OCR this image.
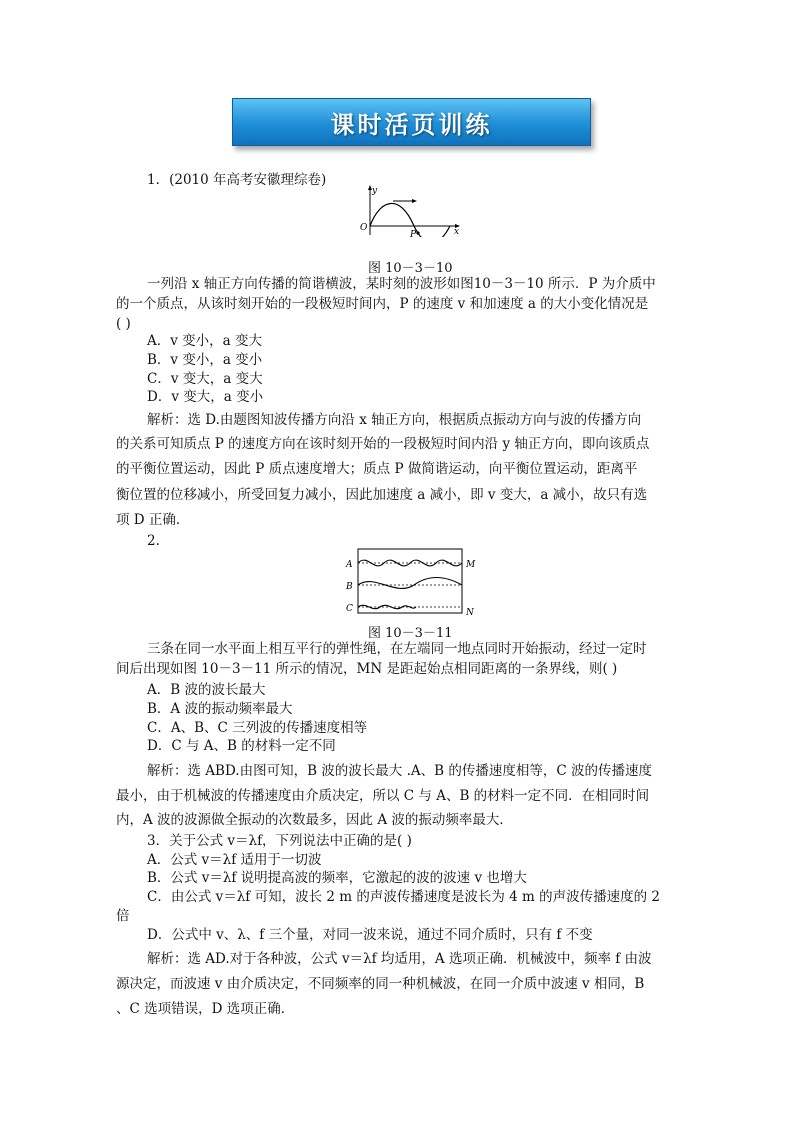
课时活页训练
1．(2010 年高考安徽理综卷)
y
x
O
P
图 10－3－10
一列沿 x 轴正方向传播的简谐横波，某时刻的波形如图10－3－10 所示．P 为介质中
的一个质点，从该时刻开始的一段极短时间内，P 的速度 v 和加速度 a 的大小变化情况是
( )
A．v 变小，a 变大
B．v 变小，a 变小
C．v 变大，a 变大
D．v 变大，a 变小
解析：选 D.由题图知波传播方向沿 x 轴正方向，根据质点振动方向与波的传播方向
的关系可知质点 P 的速度方向在该时刻开始的一段极短时间内沿 y 轴正方向，即向该质点
的平衡位置运动，因此 P 质点速度增大；质点 P 做简谐运动，向平衡位置运动，距离平
衡位置的位移减小，所受回复力减小，因此加速度 a 减小，即 v 变大，a 减小，故只有选
项 D 正确．
2.
A
B
C
M
N
图 10－3－11
三条在同一水平面上相互平行的弹性绳，在左端同一地点同时开始振动，经过一定时
间后出现如图 10－3－11 所示的情况，MN 是距起始点相同距离的一条界线，则( )
A．B 波的波长最大
B．A 波的振动频率最大
C．A、B、C 三列波的传播速度相等
D．C 与 A、B 的材料一定不同
解析：选 ABD.由图可知，B 波的波长最大 .A、B 的传播速度相等，C 波的传播速度
最小，由于机械波的传播速度由介质决定，所以 C 与 A、B 的材料一定不同．在相同时间
内，A 波的波源做全振动的次数最多，因此 A 波的振动频率最大．
3．关于公式 v＝λf，下列说法中正确的是( )
A．公式 v＝λf 适用于一切波
B．公式 v＝λf 说明提高波的频率，它激起的波的波速 v 也增大
C．由公式 v＝λf 可知，波长 2 m 的声波传播速度是波长为 4 m 的声波传播速度的 2
倍
D．公式中 v、λ、f 三个量，对同一波来说，通过不同介质时，只有 f 不变
解析：选 AD.对于各种波，公式 v＝λf 均适用，A 选项正确．机械波中，频率 f 由波
源决定，而波速 v 由介质决定，不同频率的同一种机械波，在同一介质中波速 v 相同，B
、C 选项错误，D 选项正确．
